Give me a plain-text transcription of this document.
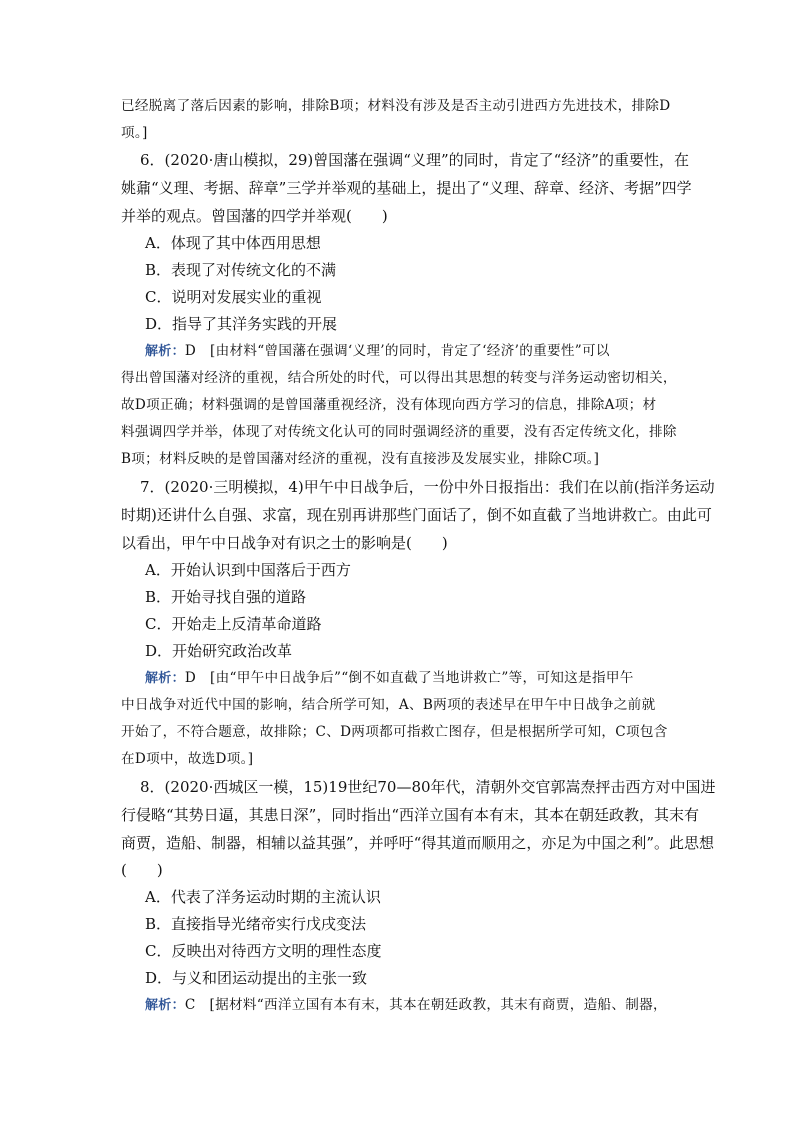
已经脱离了落后因素的影响，排除B项；材料没有涉及是否主动引进西方先进技术，排除D
项。]
6．(2020·唐山模拟，29)曾国藩在强调“义理”的同时，肯定了“经济”的重要性，在
姚鼐“义理、考据、辞章”三学并举观的基础上，提出了“义理、辞章、经济、考据”四学
并举的观点。曾国藩的四学并举观(　　)
A．体现了其中体西用思想
B．表现了对传统文化的不满
C．说明对发展实业的重视
D．指导了其洋务实践的开展
解析：D　[由材料“曾国藩在强调‘义理’的同时，肯定了‘经济’的重要性”可以
得出曾国藩对经济的重视，结合所处的时代，可以得出其思想的转变与洋务运动密切相关，
故D项正确；材料强调的是曾国藩重视经济，没有体现向西方学习的信息，排除A项；材
料强调四学并举，体现了对传统文化认可的同时强调经济的重要，没有否定传统文化，排除
B项；材料反映的是曾国藩对经济的重视，没有直接涉及发展实业，排除C项。]
7．(2020·三明模拟，4)甲午中日战争后，一份中外日报指出：我们在以前(指洋务运动
时期)还讲什么自强、求富，现在别再讲那些门面话了，倒不如直截了当地讲救亡。由此可
以看出，甲午中日战争对有识之士的影响是(　　)
A．开始认识到中国落后于西方
B．开始寻找自强的道路
C．开始走上反清革命道路
D．开始研究政治改革
解析：D　[由“甲午中日战争后”“倒不如直截了当地讲救亡”等，可知这是指甲午
中日战争对近代中国的影响，结合所学可知，A、B两项的表述早在甲午中日战争之前就
开始了，不符合题意，故排除；C、D两项都可指救亡图存，但是根据所学可知，C项包含
在D项中，故选D项。]
8．(2020·西城区一模，15)19世纪70—80年代，清朝外交官郭嵩焘抨击西方对中国进
行侵略“其势日逼，其患日深”，同时指出“西洋立国有本有末，其本在朝廷政教，其末有
商贾，造船、制器，相辅以益其强”，并呼吁“得其道而顺用之，亦足为中国之利”。此思想
(　　)
A．代表了洋务运动时期的主流认识
B．直接指导光绪帝实行戊戌变法
C．反映出对待西方文明的理性态度
D．与义和团运动提出的主张一致
解析：C　[据材料“西洋立国有本有末，其本在朝廷政教，其末有商贾，造船、制器，
